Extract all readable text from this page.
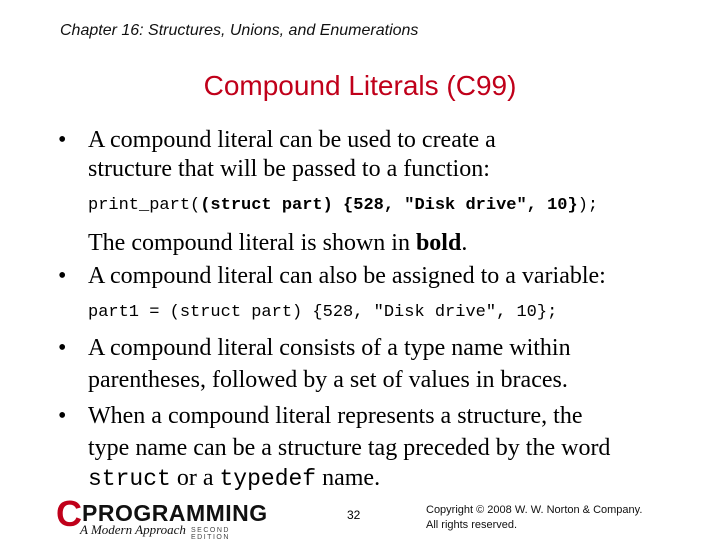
Chapter 16: Structures, Unions, and Enumerations
Compound Literals (C99)
• A compound literal can be used to create a
structure that will be passed to a function:
print_part((struct part) {528, "Disk drive", 10});
The compound literal is shown in bold.
• A compound literal can also be assigned to a variable:
part1 = (struct part) {528, "Disk drive", 10};
• A compound literal consists of a type name within
parentheses, followed by a set of values in braces.
• When a compound literal represents a structure, the
type name can be a structure tag preceded by the word
struct or a typedef name.
C PROGRAMMING
A Modern Approach SECOND EDITION
32	Copyright © 2008 W. W. Norton & Company.
All rights reserved.
